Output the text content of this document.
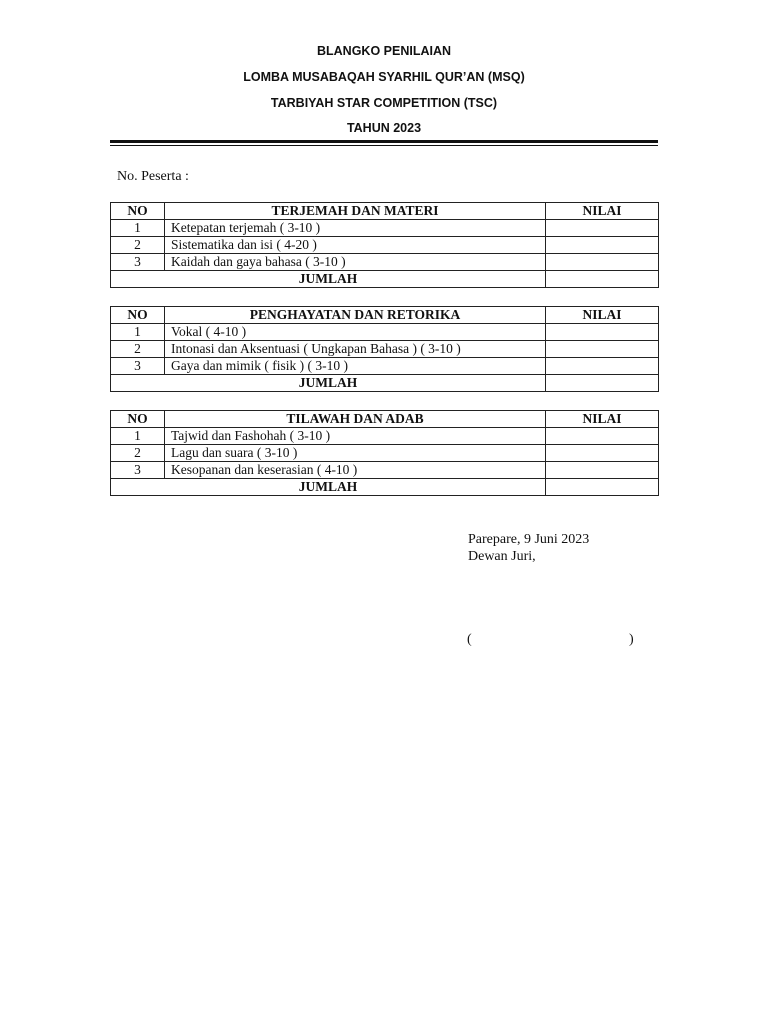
BLANGKO PENILAIAN
LOMBA MUSABAQAH SYARHIL QUR’AN (MSQ)
TARBIYAH STAR COMPETITION (TSC)
TAHUN 2023
No. Peserta :
NO	TERJEMAH DAN MATERI	NILAI
1	Ketepatan terjemah ( 3-10 )	
2	Sistematika dan isi ( 4-20 )	
3	Kaidah dan gaya bahasa ( 3-10 )	
JUMLAH		
NO	PENGHAYATAN DAN RETORIKA	NILAI
1	Vokal ( 4-10 )	
2	Intonasi dan Aksentuasi ( Ungkapan Bahasa ) ( 3-10 )	
3	Gaya dan mimik ( fisik ) ( 3-10 )	
JUMLAH		
NO	TILAWAH DAN ADAB	NILAI
1	Tajwid dan Fashohah ( 3-10 )	
2	Lagu dan suara ( 3-10 )	
3	Kesopanan dan keserasian ( 4-10 )	
JUMLAH		
Parepare, 9 Juni 2023
Dewan Juri,
(	)
